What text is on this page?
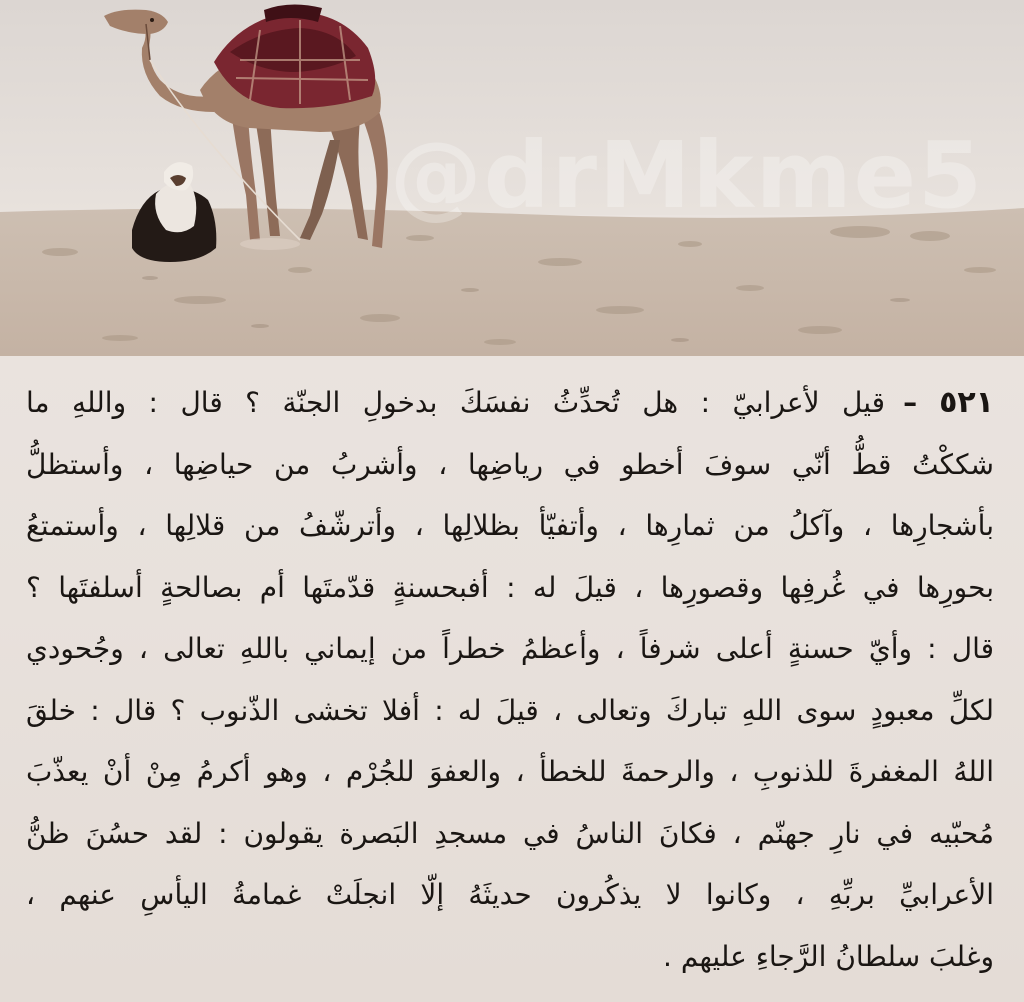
@drMkme5
٥٢١–قيل لأعرابيّ : هل تُحدِّثُ نفسَكَ بدخولِ الجنّة ؟ قال : واللهِ ما
شككْتُ قطُّ أنّي سوفَ أخطو في رياضِها ، وأشربُ من حياضِها ، وأستظلُّ
بأشجارِها ، وآكلُ من ثمارِها ، وأتفيّأ بظلالِها ، وأترشّفُ من قلالِها ، وأستمتعُ
بحورِها في غُرفِها وقصورِها ، قيلَ له : أفبحسنةٍ قدّمتَها أم بصالحةٍ أسلفتَها ؟
قال : وأيّ حسنةٍ أعلى شرفاً ، وأعظمُ خطراً من إيماني باللهِ تعالى ، وجُحودي
لكلِّ معبودٍ سوى اللهِ تباركَ وتعالى ، قيلَ له : أفلا تخشى الذّنوب ؟ قال : خلقَ
اللهُ المغفرةَ للذنوبِ ، والرحمةَ للخطأ ، والعفوَ للجُرْم ، وهو أكرمُ مِنْ أنْ يعذّبَ
مُحبّيه في نارِ جهنّم ، فكانَ الناسُ في مسجدِ البَصرة يقولون : لقد حسُنَ ظنُّ
الأعرابيِّ بربِّهِ ، وكانوا لا يذكُرون حديثَهُ إلّا انجلَتْ غمامةُ اليأسِ عنهم ،
وغلبَ سلطانُ الرَّجاءِ عليهم .
